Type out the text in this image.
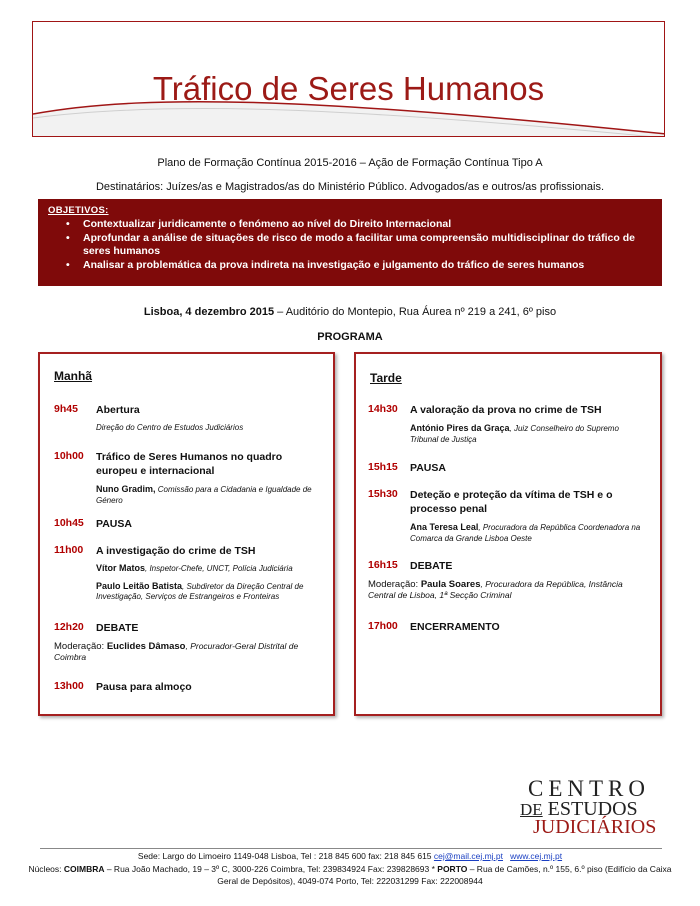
Tráfico de Seres Humanos
Plano de Formação Contínua 2015-2016 – Ação de Formação Contínua Tipo A
Destinatários: Juízes/as e Magistrados/as do Ministério Público. Advogados/as e outros/as profissionais.
OBJETIVOS:
• Contextualizar juridicamente o fenómeno ao nível do Direito Internacional
• Aprofundar a análise de situações de risco de modo a facilitar uma compreensão multidisciplinar do tráfico de seres humanos
• Analisar a problemática da prova indireta na investigação e julgamento do tráfico de seres humanos
Lisboa, 4 dezembro 2015 – Auditório do Montepio, Rua Áurea nº 219 a 241, 6º piso
PROGRAMA
Manhã
9h45 Abertura
Direção do Centro de Estudos Judiciários
10h00 Tráfico de Seres Humanos no quadro europeu e internacional
Nuno Gradim, Comissão para a Cidadania e Igualdade de Género
10h45 PAUSA
11h00 A investigação do crime de TSH
Vítor Matos, Inspetor-Chefe, UNCT, Polícia Judiciária
Paulo Leitão Batista, Subdiretor da Direção Central de Investigação, Serviços de Estrangeiros e Fronteiras
12h20 DEBATE
Moderação: Euclides Dâmaso, Procurador-Geral Distrital de Coimbra
13h00 Pausa para almoço
Tarde
14h30 A valoração da prova no crime de TSH
António Pires da Graça, Juiz Conselheiro do Supremo Tribunal de Justiça
15h15 PAUSA
15h30 Deteção e proteção da vítima de TSH e o processo penal
Ana Teresa Leal, Procuradora da República Coordenadora na Comarca da Grande Lisboa Oeste
16h15 DEBATE
Moderação: Paula Soares, Procuradora da República, Instância Central de Lisboa, 1ª Secção Criminal
17h00 ENCERRAMENTO
CENTRO
DE ESTUDOS
JUDICIÁRIOS
Sede: Largo do Limoeiro 1149-048 Lisboa, Tel : 218 845 600 fax: 218 845 615 cej@mail.cej.mj.pt www.cej.mj.pt
Núcleos: COIMBRA – Rua João Machado, 19 – 3º C, 3000-226 Coimbra, Tel: 239834924 Fax: 239828693 * PORTO – Rua de Camões, n.º 155, 6.º piso (Edifício da Caixa
Geral de Depósitos), 4049-074 Porto, Tel: 222031299 Fax: 222008944
